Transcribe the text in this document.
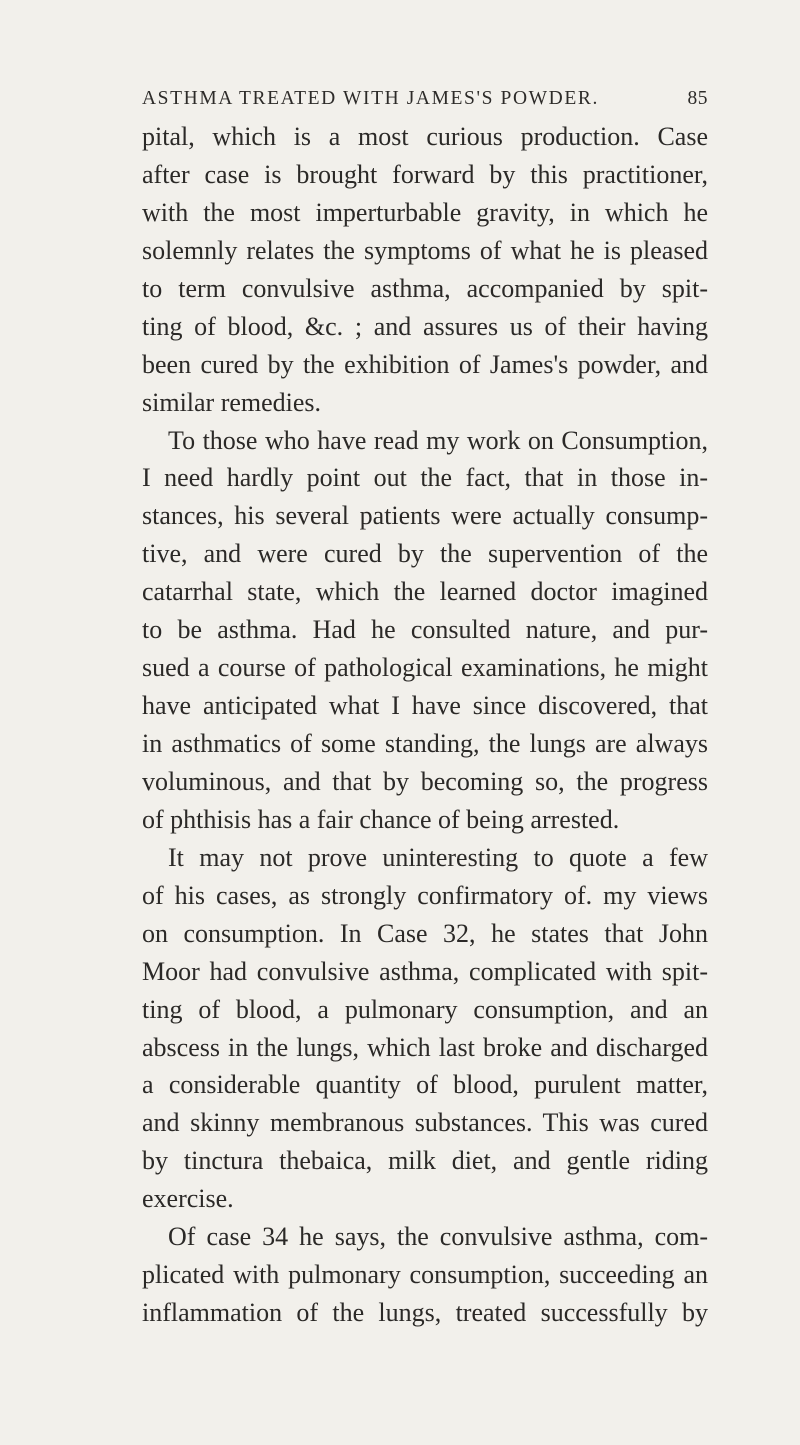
ASTHMA TREATED WITH JAMES'S POWDER.	85
pital, which is a most curious production. Case
after case is brought forward by this practitioner,
with the most imperturbable gravity, in which he
solemnly relates the symptoms of what he is pleased
to term convulsive asthma, accompanied by spit-
ting of blood, &c. ; and assures us of their having
been cured by the exhibition of James's powder, and
similar remedies.
To those who have read my work on Consumption,
I need hardly point out the fact, that in those in-
stances, his several patients were actually consump-
tive, and were cured by the supervention of the
catarrhal state, which the learned doctor imagined
to be asthma. Had he consulted nature, and pur-
sued a course of pathological examinations, he might
have anticipated what I have since discovered, that
in asthmatics of some standing, the lungs are always
voluminous, and that by becoming so, the progress
of phthisis has a fair chance of being arrested.
It may not prove uninteresting to quote a few
of his cases, as strongly confirmatory of. my views
on consumption. In Case 32, he states that John
Moor had convulsive asthma, complicated with spit-
ting of blood, a pulmonary consumption, and an
abscess in the lungs, which last broke and discharged
a considerable quantity of blood, purulent matter,
and skinny membranous substances. This was cured
by tinctura thebaica, milk diet, and gentle riding
exercise.
Of case 34 he says, the convulsive asthma, com-
plicated with pulmonary consumption, succeeding an
inflammation of the lungs, treated successfully by
